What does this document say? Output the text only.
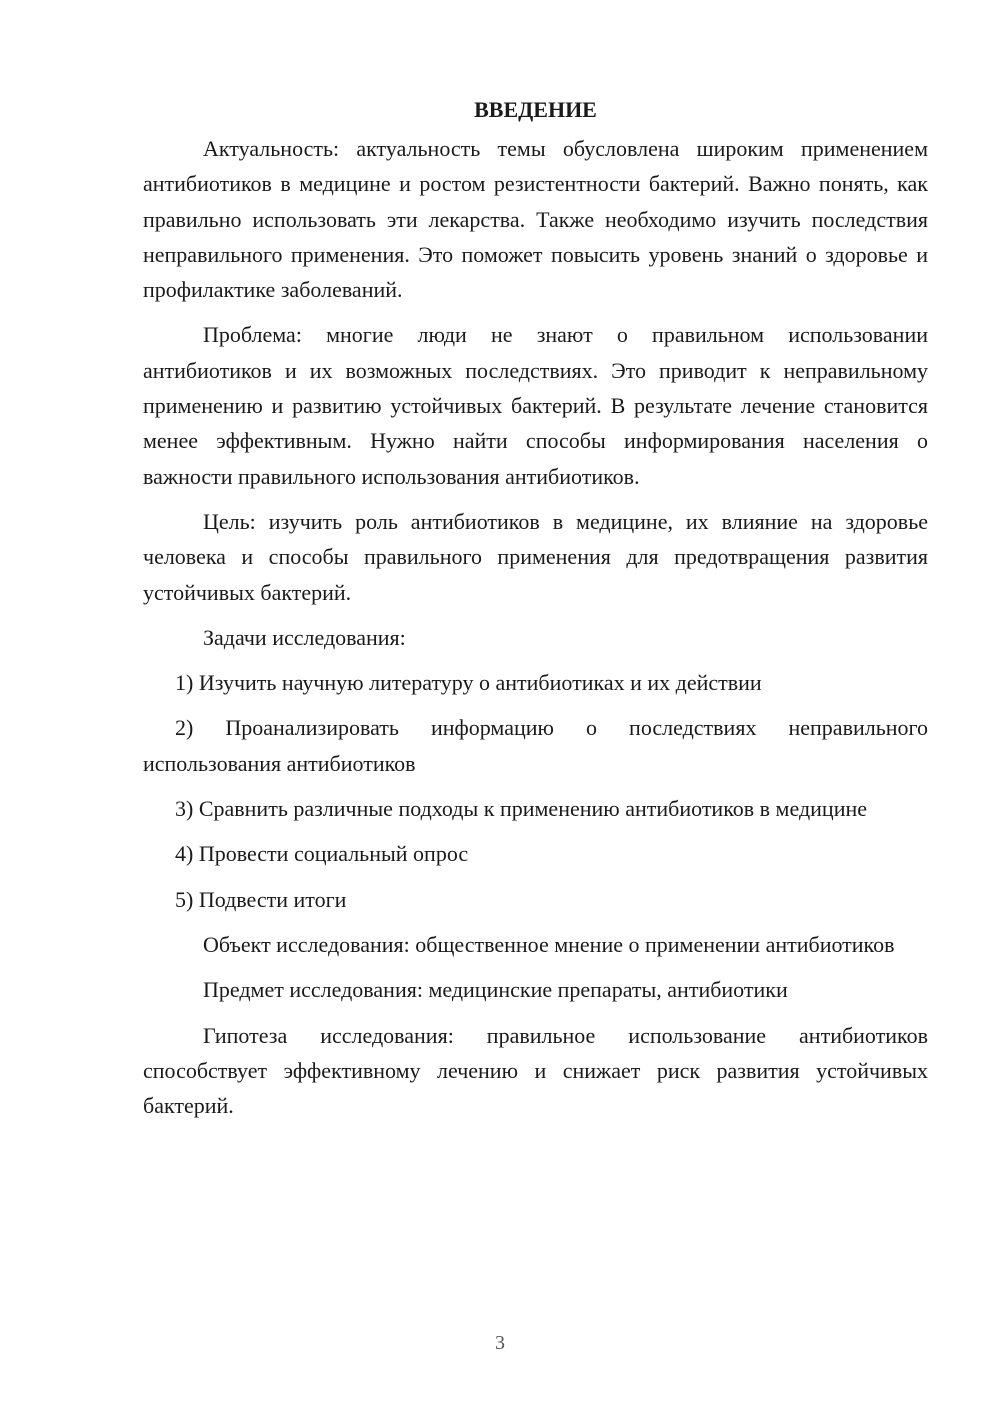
ВВЕДЕНИЕ

Актуальность: актуальность темы обусловлена широким применением антибиотиков в медицине и ростом резистентности бактерий. Важно понять, как правильно использовать эти лекарства. Также необходимо изучить последствия неправильного применения. Это поможет повысить уровень знаний о здоровье и профилактике заболеваний.

Проблема: многие люди не знают о правильном использовании антибиотиков и их возможных последствиях. Это приводит к неправильному применению и развитию устойчивых бактерий. В результате лечение становится менее эффективным. Нужно найти способы информирования населения о важности правильного использования антибиотиков.

Цель: изучить роль антибиотиков в медицине, их влияние на здоровье человека и способы правильного применения для предотвращения развития устойчивых бактерий.

Задачи исследования:

1) Изучить научную литературу о антибиотиках и их действии

2) Проанализировать информацию о последствиях неправильного использования антибиотиков

3) Сравнить различные подходы к применению антибиотиков в медицине

4) Провести социальный опрос

5) Подвести итоги

Объект исследования: общественное мнение о применении антибиотиков

Предмет исследования: медицинские препараты, антибиотики

Гипотеза исследования: правильное использование антибиотиков способствует эффективному лечению и снижает риск развития устойчивых бактерий.

3
